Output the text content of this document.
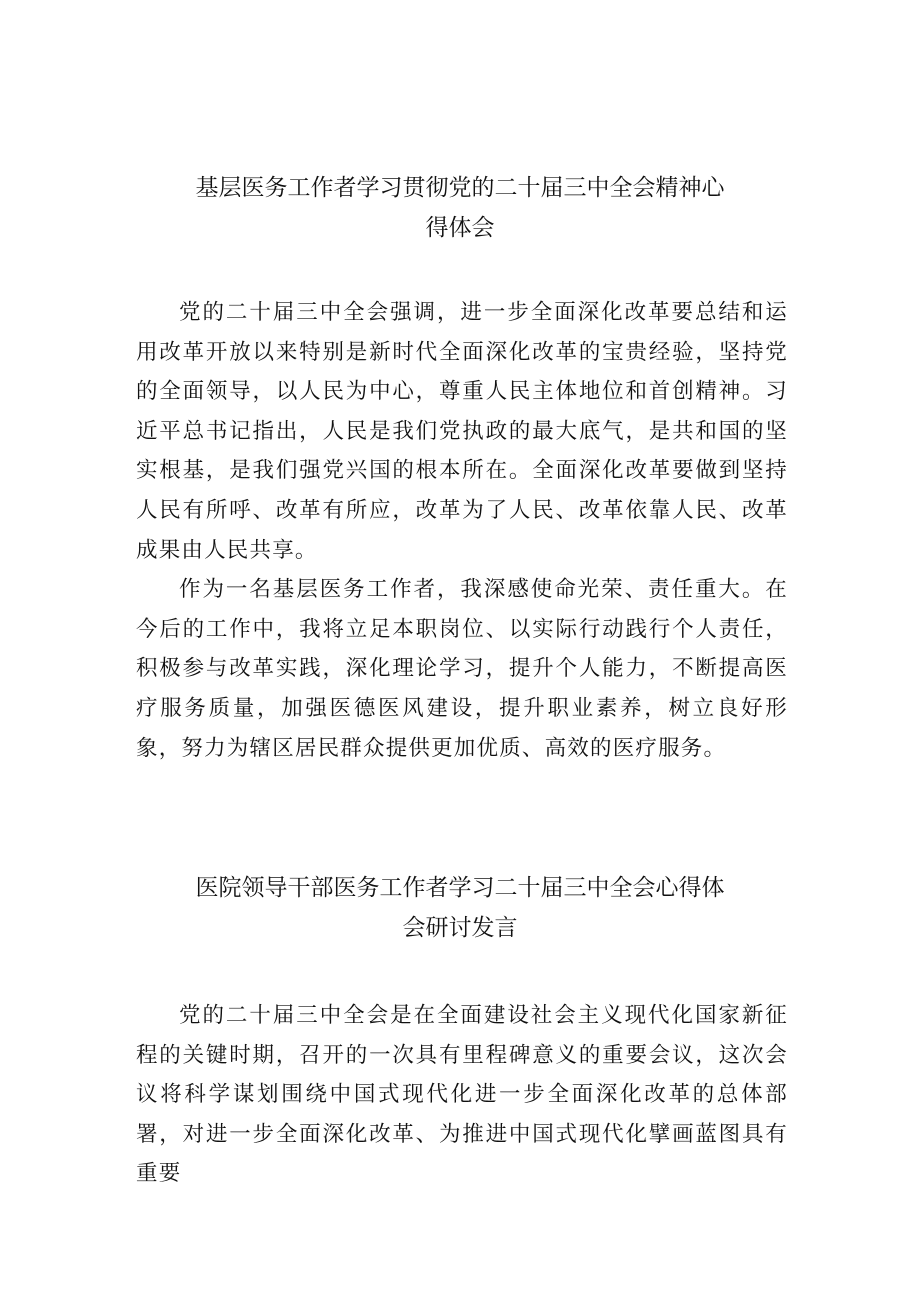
基层医务工作者学习贯彻党的二十届三中全会精神心
得体会

党的二十届三中全会强调，进一步全面深化改革要总结和运用改革开放以来特别是新时代全面深化改革的宝贵经验，坚持党的全面领导，以人民为中心，尊重人民主体地位和首创精神。习近平总书记指出，人民是我们党执政的最大底气，是共和国的坚实根基，是我们强党兴国的根本所在。全面深化改革要做到坚持人民有所呼、改革有所应，改革为了人民、改革依靠人民、改革成果由人民共享。

作为一名基层医务工作者，我深感使命光荣、责任重大。在今后的工作中，我将立足本职岗位、以实际行动践行个人责任，积极参与改革实践，深化理论学习，提升个人能力，不断提高医疗服务质量，加强医德医风建设，提升职业素养，树立良好形象，努力为辖区居民群众提供更加优质、高效的医疗服务。

医院领导干部医务工作者学习二十届三中全会心得体
会研讨发言

党的二十届三中全会是在全面建设社会主义现代化国家新征程的关键时期，召开的一次具有里程碑意义的重要会议，这次会议将科学谋划围绕中国式现代化进一步全面深化改革的总体部署，对进一步全面深化改革、为推进中国式现代化擘画蓝图具有重要
